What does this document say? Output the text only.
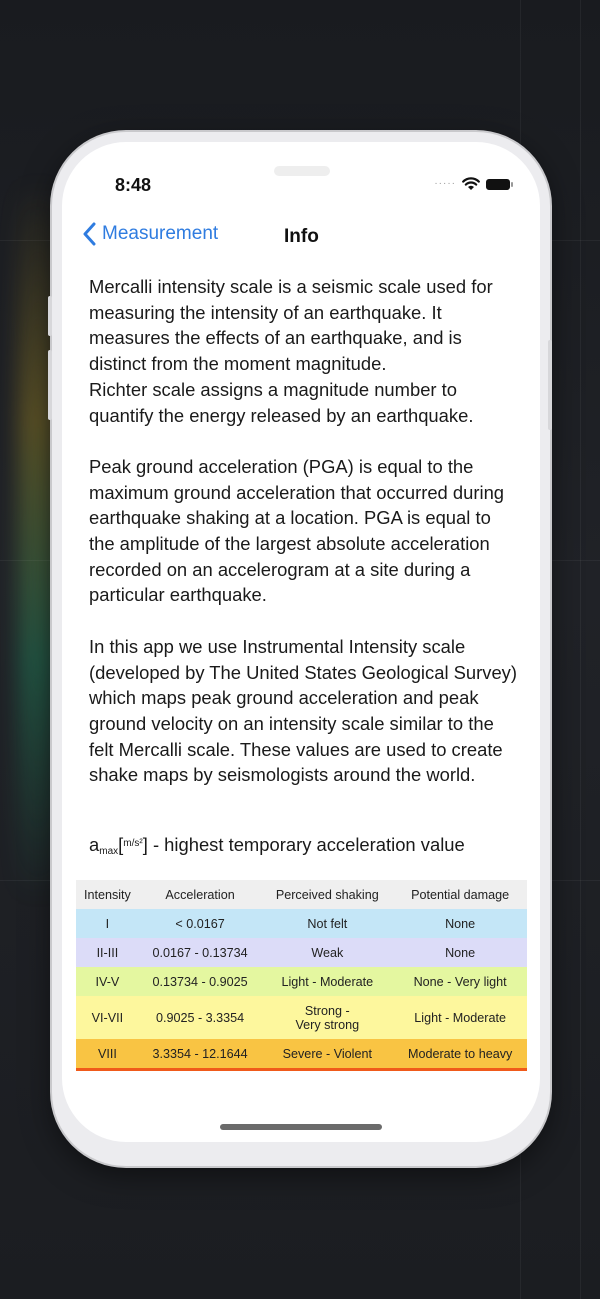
8:48	·····
Measurement	Info

Mercalli intensity scale is a seismic scale used for measuring the intensity of an earthquake. It measures the effects of an earthquake, and is distinct from the moment magnitude.
Richter scale assigns a magnitude number to quantify the energy released by an earthquake.

Peak ground acceleration (PGA) is equal to the maximum ground acceleration that occurred during earthquake shaking at a location. PGA is equal to the amplitude of the largest absolute acceleration recorded on an accelerogram at a site during a particular earthquake.

In this app we use Instrumental Intensity scale (developed by The United States Geological Survey) which maps peak ground acceleration and peak ground velocity on an intensity scale similar to the felt Mercalli scale. These values are used to create shake maps by seismologists around the world.

$a_{max}[^{m/s^2}]$ - highest temporary acceleration value
Intensity	Acceleration	Perceived shaking	Potential damage
I	< 0.0167	Not felt	None
II-III	0.0167 - 0.13734	Weak	None
IV-V	0.13734 - 0.9025	Light - Moderate	None - Very light
VI-VII	0.9025 - 3.3354	Strong -
Very strong	Light - Moderate
VIII	3.3354 - 12.1644	Severe - Violent	Moderate to heavy
